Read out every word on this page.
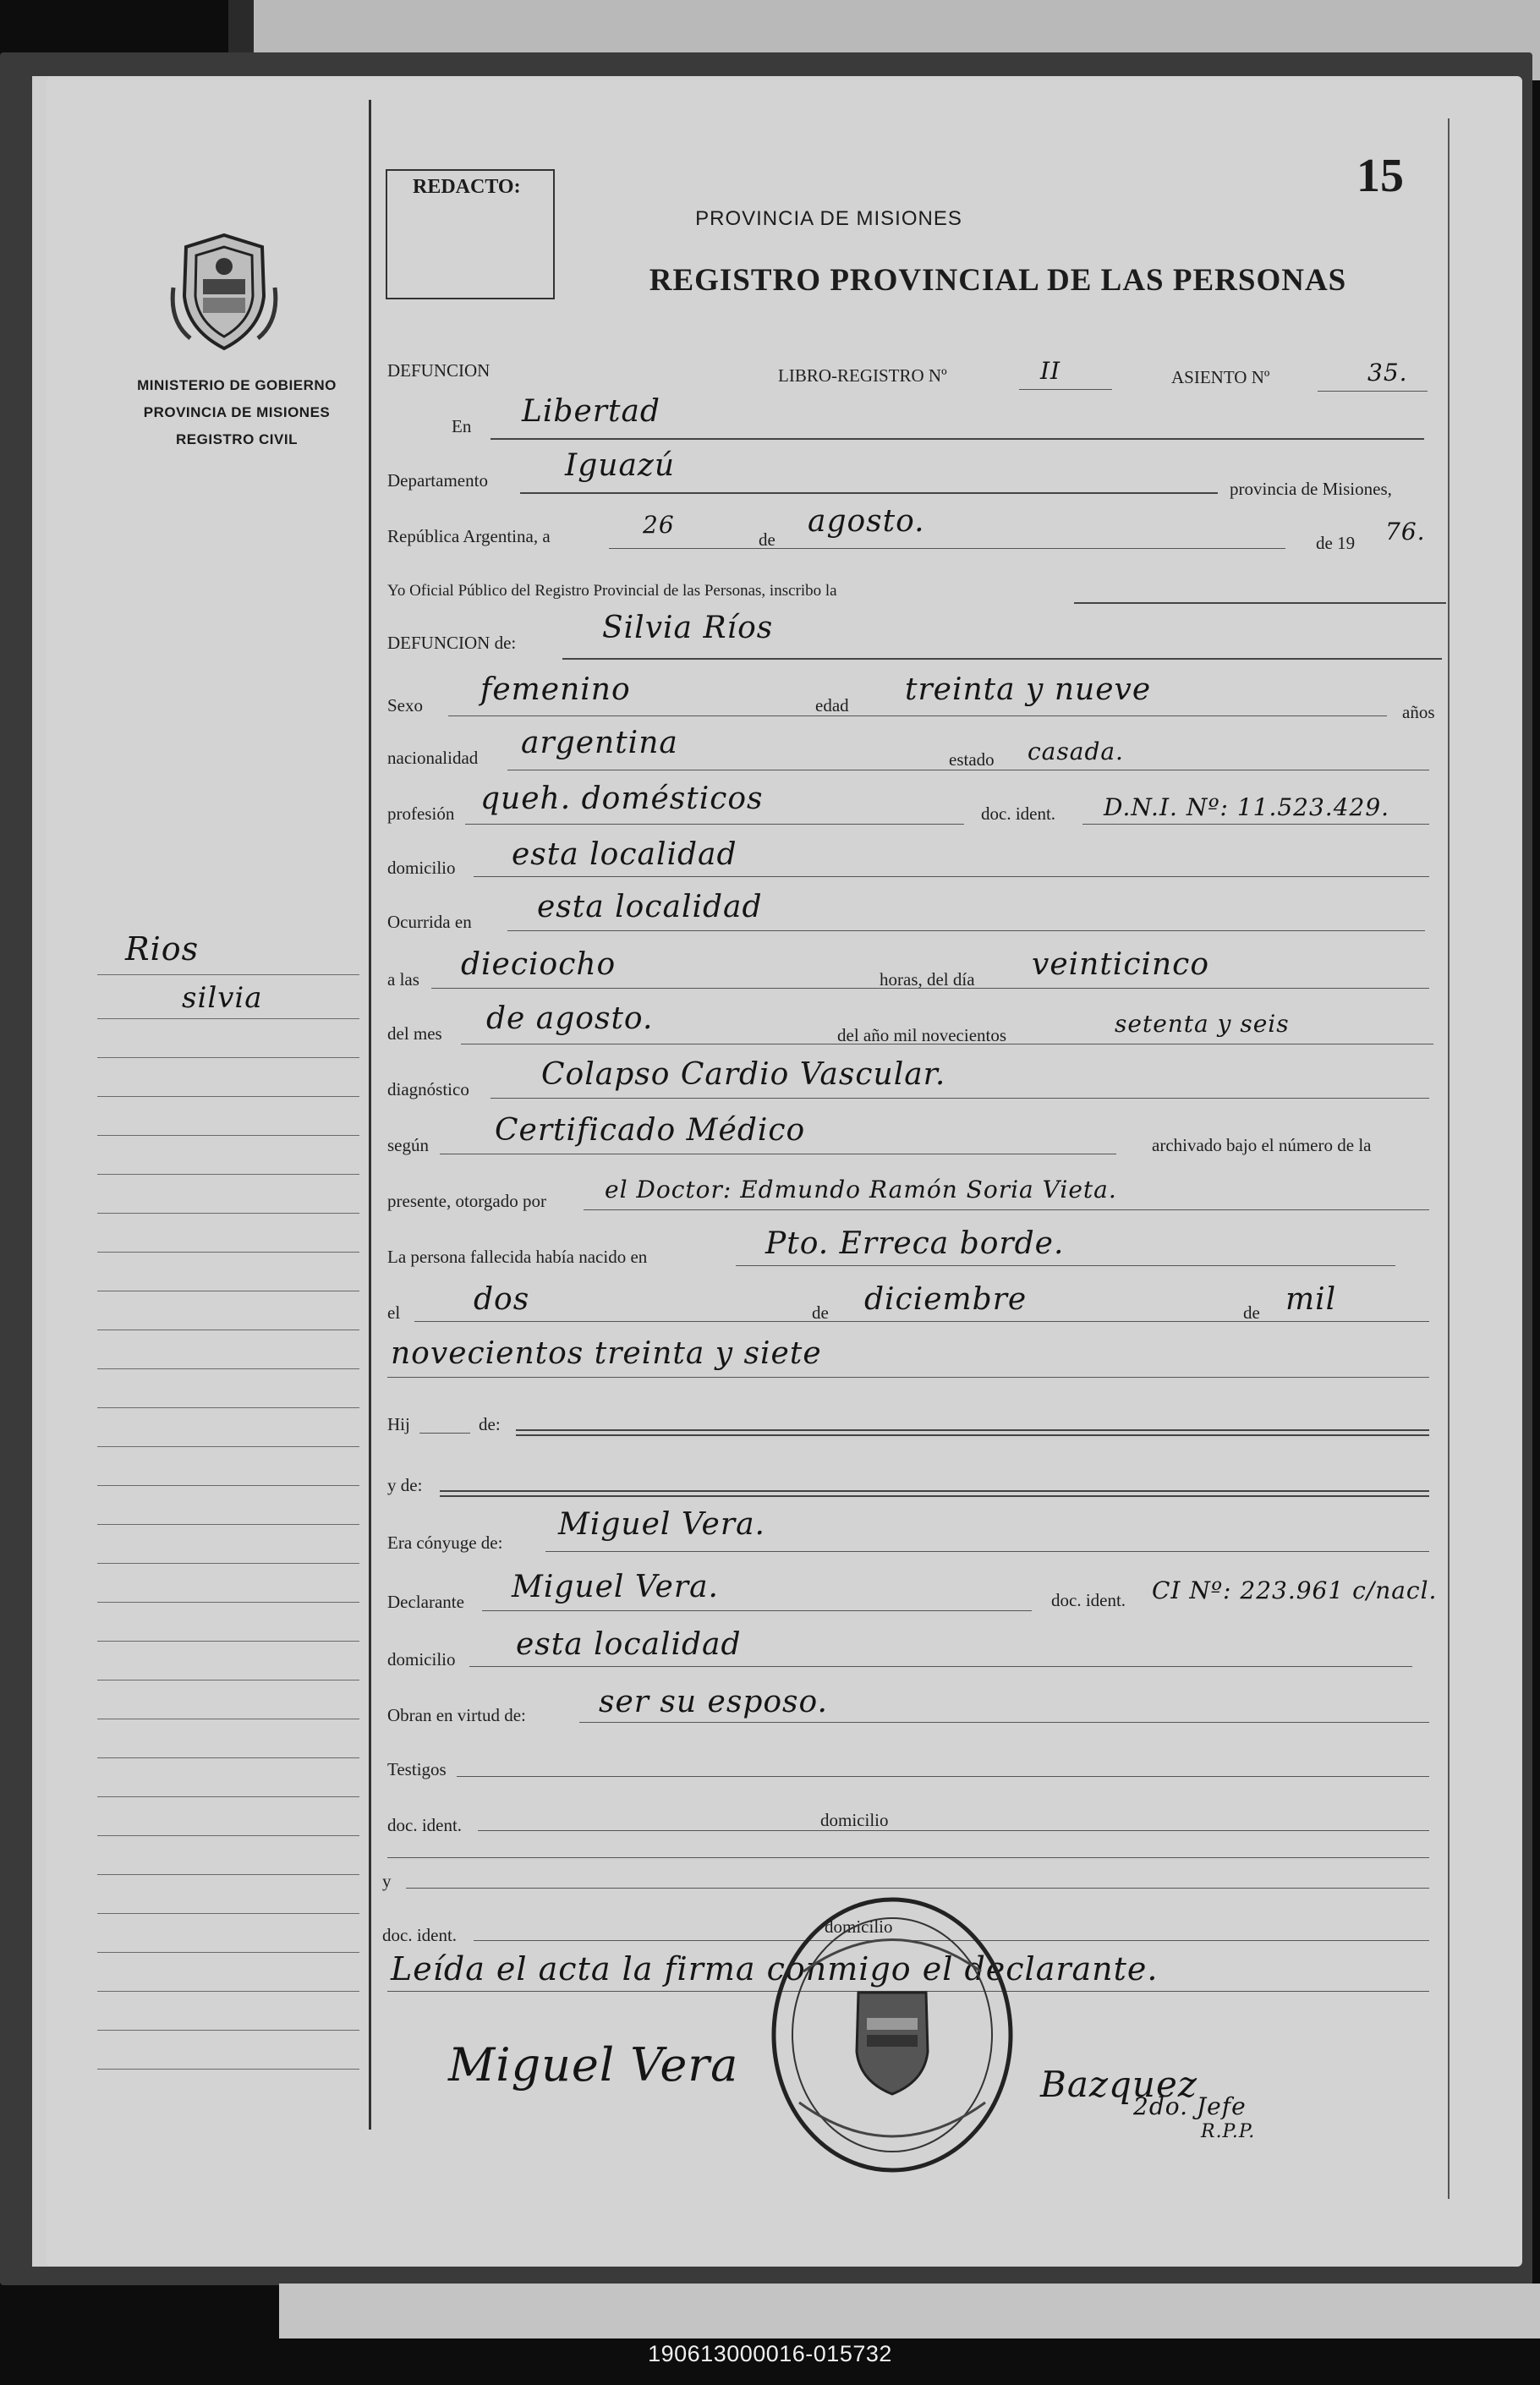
REDACTO:	15
PROVINCIA DE MISIONES
REGISTRO PROVINCIAL DE LAS PERSONAS
MINISTERIO DE GOBIERNO
PROVINCIA DE MISIONES
REGISTRO CIVIL
Rios
silvia
DEFUNCION	LIBRO-REGISTRO Nº	II	ASIENTO Nº	35.
En Libertad
Departamento	Iguazú
provincia de Misiones,
República Argentina, a	26
de
agosto.
de 19 76.
Yo Oficial Público del Registro Provincial de las Personas, inscribo la
DEFUNCION de:	Silvia Ríos
Sexo femenino	edad treinta y nueve
años
nacionalidad argentina	estado casada.
profesión queh. domésticos	doc. ident. D.N.I. Nº: 11.523.429.
domicilio esta localidad
Ocurrida en esta localidad
a las dieciocho	horas, del día veinticinco
del mes de agosto.	del año mil novecientos	setenta y seis
diagnóstico Colapso Cardio Vascular.
según Certificado Médico	archivado bajo el número de la
presente, otorgado por el Doctor: Edmundo Ramón Soria Vieta.
La persona fallecida había nacido en	Pto. Erreca borde.
el dos	de diciembre	de mil
novecientos treinta y siete
Hij	de:
y de:
Era cónyuge de:
Miguel Vera.
Declarante Miguel Vera.	doc. ident. CI Nº: 223.961 c/nacl.
domicilio esta localidad
Obran en virtud de: ser su esposo.
Testigos
doc. ident.	domicilio
y
doc. ident.	domicilio
Leída el acta la firma conmigo el declarante.
Miguel Vera	Bazquez
2do. Jefe
R.P.P.
190613000016-015732
